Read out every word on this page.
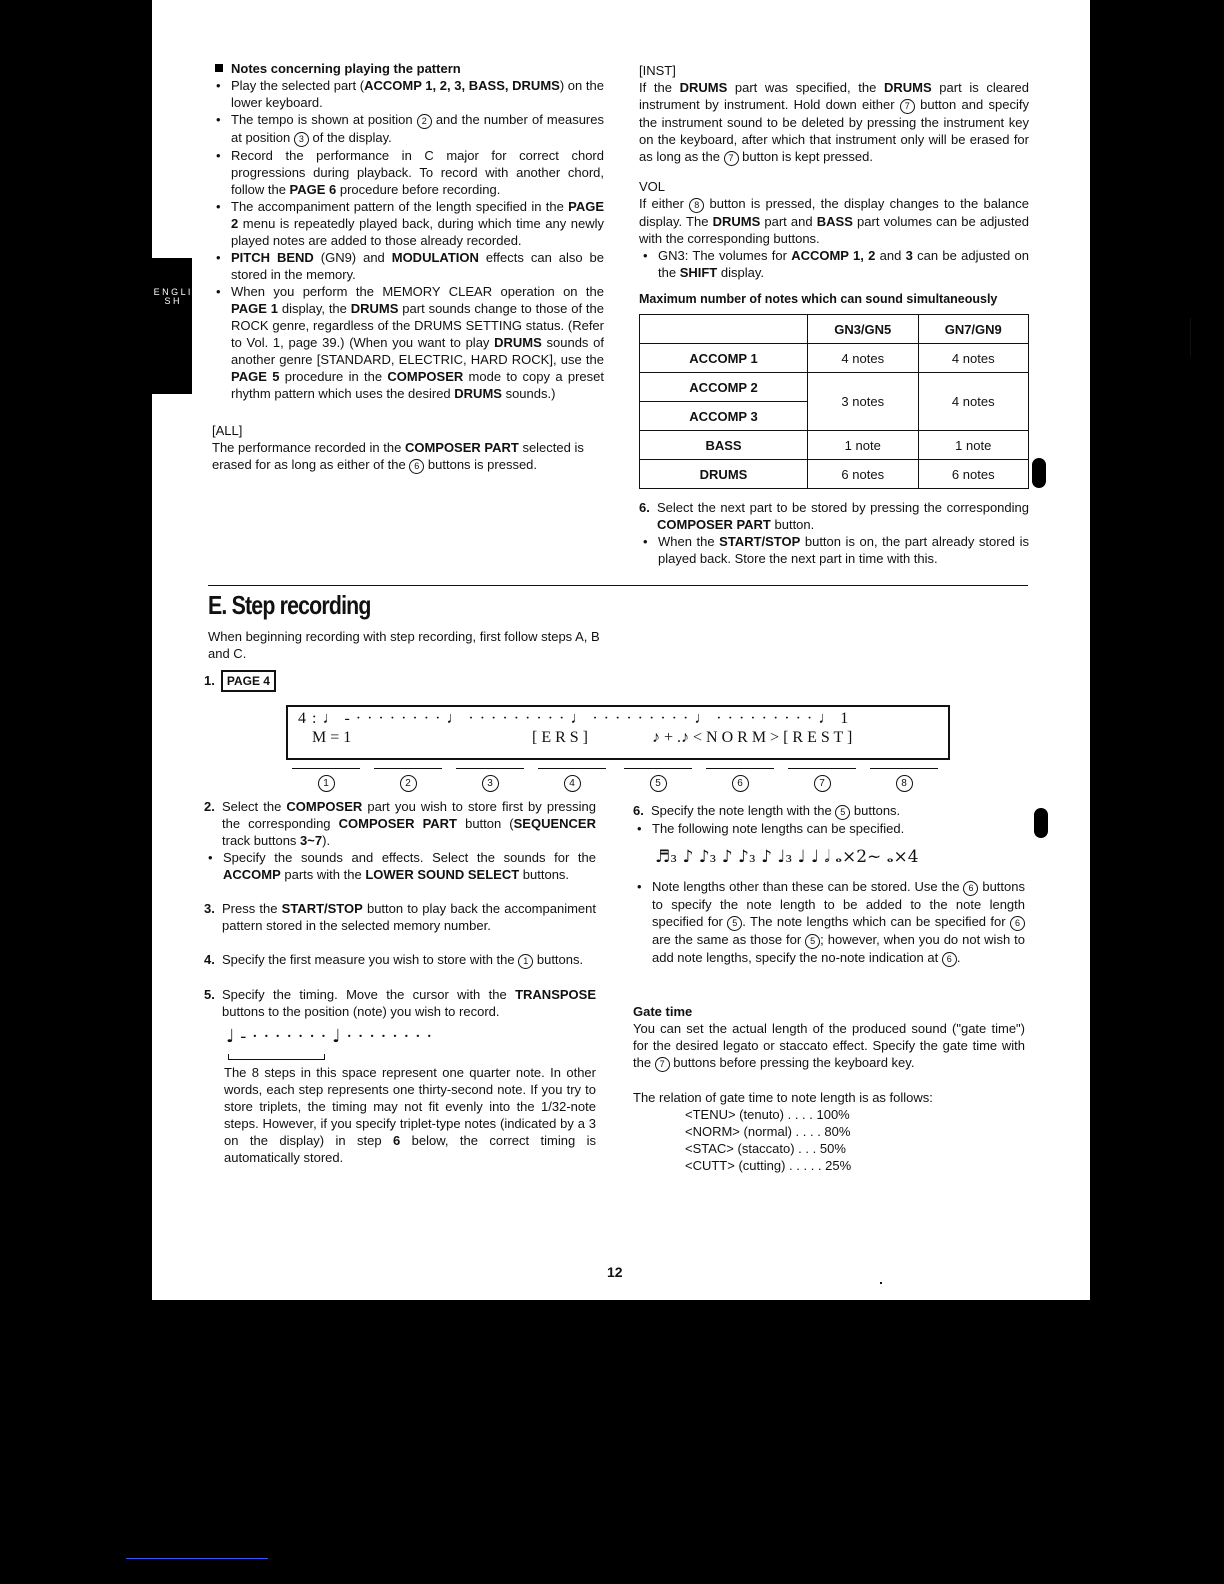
Notes concerning playing the pattern

• Play the selected part (ACCOMP 1, 2, 3, BASS, DRUMS) on the lower keyboard.
• The tempo is shown at position 2 and the number of measures at position 3 of the display.
• Record the performance in C major for correct chord progressions during playback. To record with another chord, follow the PAGE 6 procedure before recording.
• The accompaniment pattern of the length specified in the PAGE 2 menu is repeatedly played back, during which time any newly played notes are added to those already recorded.
• PITCH BEND (GN9) and MODULATION effects can also be stored in the memory.
• When you perform the MEMORY CLEAR operation on the PAGE 1 display, the DRUMS part sounds change to those of the ROCK genre, regardless of the DRUMS SETTING status. (Refer to Vol. 1, page 39.) (When you want to play DRUMS sounds of another genre [STANDARD, ELECTRIC, HARD ROCK], use the PAGE 5 procedure in the COMPOSER mode to copy a preset rhythm pattern which uses the desired DRUMS sounds.)

[ALL]

The performance recorded in the COMPOSER PART selected is erased for as long as either of the 6 buttons is pressed.

[INST]

If the DRUMS part was specified, the DRUMS part is cleared instrument by instrument. Hold down either 7 button and specify the instrument sound to be deleted by pressing the instrument key on the keyboard, after which that instrument only will be erased for as long as the 7 button is kept pressed.

VOL

If either 8 button is pressed, the display changes to the balance display. The DRUMS part and BASS part volumes can be adjusted with the corresponding buttons.

• GN3: The volumes for ACCOMP 1, 2 and 3 can be adjusted on the SHIFT display.

Maximum number of notes which can sound simultaneously

	GN3/GN5	GN7/GN9
ACCOMP 1	4 notes	4 notes
ACCOMP 2	3 notes	4 notes
ACCOMP 3		
BASS	1 note	1 note
DRUMS	6 notes	6 notes

6. Select the next part to be stored by pressing the corresponding COMPOSER PART button.

• When the START/STOP button is on, the part already stored is played back. Store the next part in time with this.
E. Step recording

When beginning recording with step recording, first follow steps A, B and C.

1. PAGE 4
4 : ♩ - · · · · · · · · ♩ · · · · · · · · · ♩ · · · · · · · · · ♩ · · · · · · · · · ♩ 1
M = 1	[ E R S ]	♪ + .♪ < N O R M > [ R E S T ]
1	2	3	4	5	6	7	8

2. Select the COMPOSER part you wish to store first by pressing the corresponding COMPOSER PART button (SEQUENCER track buttons 3~7).

• Specify the sounds and effects. Select the sounds for the ACCOMP parts with the LOWER SOUND SELECT buttons.

3. Press the START/STOP button to play back the accompaniment pattern stored in the selected memory number.

4. Specify the first measure you wish to store with the 1 buttons.

5. Specify the timing. Move the cursor with the TRANSPOSE buttons to the position (note) you wish to record.

♩ - · · · · · · · ♩ · · · · · · · ·

The 8 steps in this space represent one quarter note. In other words, each step represents one thirty-second note. If you try to store triplets, the timing may not fit evenly into the 1/32-note steps. However, if you specify triplet-type notes (indicated by a 3 on the display) in step 6 below, the correct timing is automatically stored.

6. Specify the note length with the 5 buttons.

• The following note lengths can be specified.
♬₃ ♪ ♪₃ ♪ ♪₃ ♪ ♩₃ ♩ ♩ 𝅗𝅥 𝅝×2~ 𝅝×4
• Note lengths other than these can be stored. Use the 6 buttons to specify the note length to be added to the note length specified for 5 . The note lengths which can be specified for 6 are the same as those for 5 ; however, when you do not wish to add note lengths, specify the no-note indication at 6 .

Gate time

You can set the actual length of the produced sound ("gate time") for the desired legato or staccato effect. Specify the gate time with the 7 buttons before pressing the keyboard key.

The relation of gate time to note length is as follows:

<TENU> (tenuto) . . . . 100%

<NORM> (normal) . . . . 80%

<STAC> (staccato) . . . 50%

<CUTT> (cutting) . . . . . 25%

12
E N G L I S H
